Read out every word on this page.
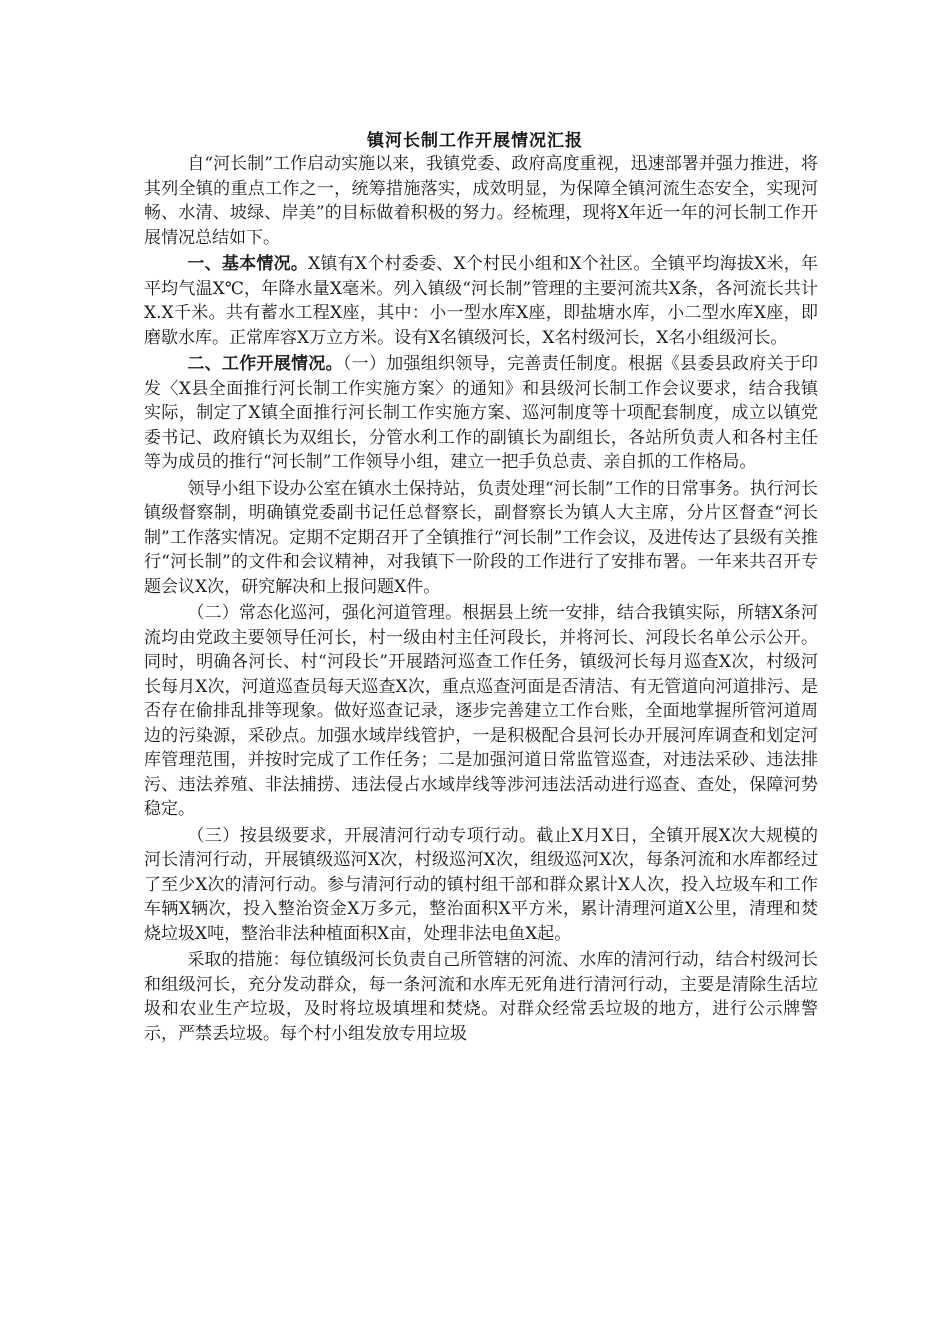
镇河长制工作开展情况汇报

自“河长制”工作启动实施以来，我镇党委、政府高度重视，迅速部署并强力推进，将其列全镇的重点工作之一，统筹措施落实，成效明显，为保障全镇河流生态安全，实现河畅、水清、坡绿、岸美”的目标做着积极的努力。经梳理，现将X年近一年的河长制工作开展情况总结如下。

一、基本情况。X镇有X个村委委、X个村民小组和X个社区。全镇平均海拔X米，年平均气温X℃，年降水量X毫米。列入镇级“河长制”管理的主要河流共X条，各河流长共计X.X千米。共有蓄水工程X座，其中：小一型水库X座，即盐塘水库，小二型水库X座，即磨歇水库。正常库容X万立方米。设有X名镇级河长，X名村级河长，X名小组级河长。

二、工作开展情况。（一）加强组织领导，完善责任制度。根据《县委县政府关于印发〈X县全面推行河长制工作实施方案〉的通知》和县级河长制工作会议要求，结合我镇实际，制定了X镇全面推行河长制工作实施方案、巡河制度等十项配套制度，成立以镇党委书记、政府镇长为双组长，分管水利工作的副镇长为副组长，各站所负责人和各村主任等为成员的推行“河长制”工作领导小组，建立一把手负总责、亲自抓的工作格局。

领导小组下设办公室在镇水土保持站，负责处理“河长制”工作的日常事务。执行河长镇级督察制，明确镇党委副书记任总督察长，副督察长为镇人大主席，分片区督查“河长制”工作落实情况。定期不定期召开了全镇推行“河长制”工作会议，及进传达了县级有关推行“河长制”的文件和会议精神，对我镇下一阶段的工作进行了安排布署。一年来共召开专题会议X次，研究解决和上报问题X件。

（二）常态化巡河，强化河道管理。根据县上统一安排，结合我镇实际，所辖X条河流均由党政主要领导任河长，村一级由村主任河段长，并将河长、河段长名单公示公开。同时，明确各河长、村“河段长”开展踏河巡查工作任务，镇级河长每月巡查X次，村级河长每月X次，河道巡查员每天巡查X次，重点巡查河面是否清洁、有无管道向河道排污、是否存在偷排乱排等现象。做好巡查记录，逐步完善建立工作台账，全面地掌握所管河道周边的污染源，采砂点。加强水域岸线管护，一是积极配合县河长办开展河库调查和划定河库管理范围，并按时完成了工作任务；二是加强河道日常监管巡查，对违法采砂、违法排污、违法养殖、非法捕捞、违法侵占水域岸线等涉河违法活动进行巡查、查处，保障河势稳定。

（三）按县级要求，开展清河行动专项行动。截止X月X日，全镇开展X次大规模的河长清河行动，开展镇级巡河X次，村级巡河X次，组级巡河X次，每条河流和水库都经过了至少X次的清河行动。参与清河行动的镇村组干部和群众累计X人次，投入垃圾车和工作车辆X辆次，投入整治资金X万多元，整治面积X平方米，累计清理河道X公里，清理和焚烧垃圾X吨，整治非法种植面积X亩，处理非法电鱼X起。

采取的措施：每位镇级河长负责自己所管辖的河流、水库的清河行动，结合村级河长和组级河长，充分发动群众，每一条河流和水库无死角进行清河行动，主要是清除生活垃圾和农业生产垃圾，及时将垃圾填埋和焚烧。对群众经常丢垃圾的地方，进行公示牌警示，严禁丢垃圾。每个村小组发放专用垃圾
